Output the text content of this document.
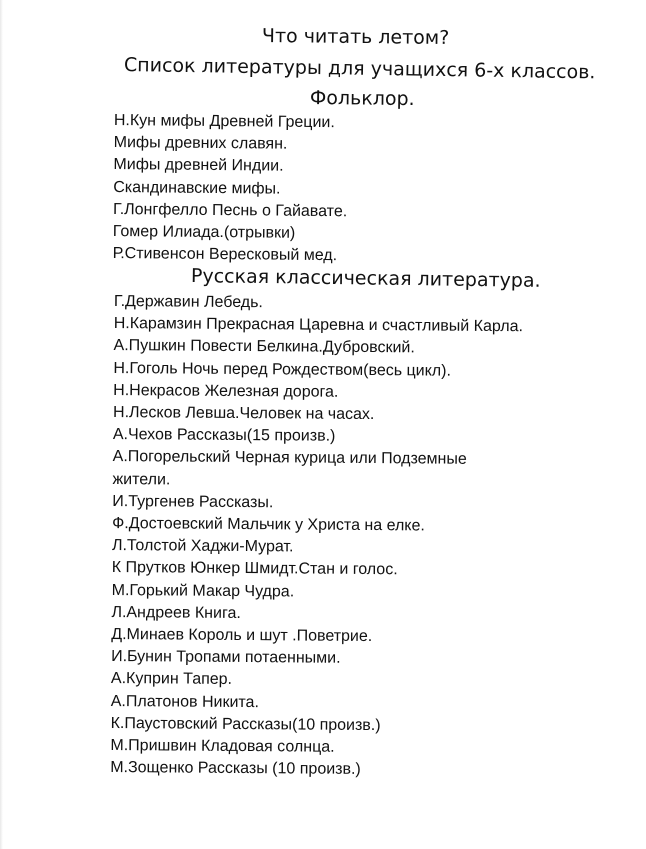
Что читать летом?
Список литературы для учащихся 6-х классов.
Фольклор.
Н.Кун мифы Древней Греции.
Мифы древних славян.
Мифы древней Индии.
Скандинавские мифы.
Г.Лонгфелло Песнь о Гайавате.
Гомер Илиада.(отрывки)
Р.Стивенсон Вересковый мед.
Русская классическая литература.
Г.Державин Лебедь.
Н.Карамзин Прекрасная Царевна и счастливый Карла.
А.Пушкин Повести Белкина.Дубровский.
Н.Гоголь Ночь перед Рождеством(весь цикл).
Н.Некрасов Железная дорога.
Н.Лесков Левша.Человек на часах.
А.Чехов Рассказы(15 произв.)
А.Погорельский Черная курица или Подземные
жители.
И.Тургенев Рассказы.
Ф.Достоевский Мальчик у Христа на елке.
Л.Толстой Хаджи-Мурат.
К Прутков Юнкер Шмидт.Стан и голос.
М.Горький Макар Чудра.
Л.Андреев Книга.
Д.Минаев Король и шут .Поветрие.
И.Бунин Тропами потаенными.
А.Куприн Тапер.
А.Платонов Никита.
К.Паустовский Рассказы(10 произв.)
М.Пришвин Кладовая солнца.
М.Зощенко Рассказы (10 произв.)
